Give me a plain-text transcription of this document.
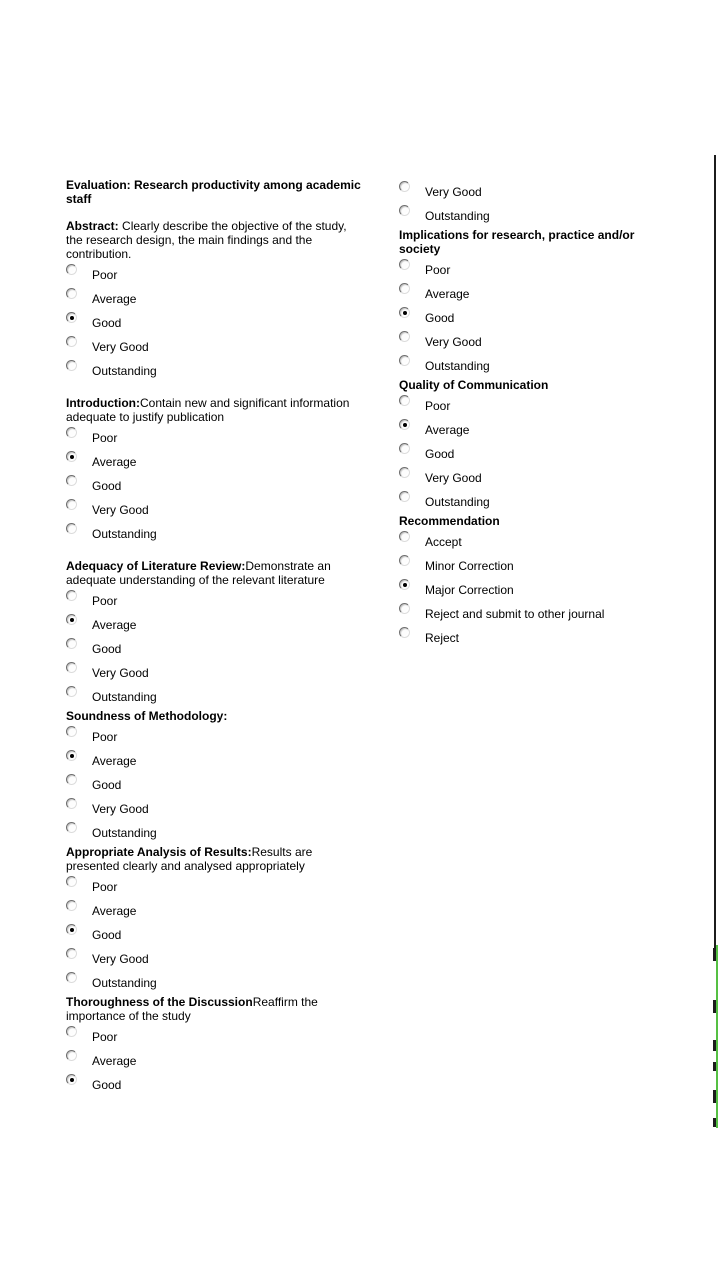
Evaluation: Research productivity among academic staff
Abstract: Clearly describe the objective of the study, the research design, the main findings and the contribution.
Poor
Average
Good
Very Good
Outstanding
Introduction:Contain new and significant information adequate to justify publication
Poor
Average
Good
Very Good
Outstanding
Adequacy of Literature Review:Demonstrate an adequate understanding of the relevant literature
Poor
Average
Good
Very Good
Outstanding
Soundness of Methodology:
Poor
Average
Good
Very Good
Outstanding
Appropriate Analysis of Results:Results are presented clearly and analysed appropriately
Poor
Average
Good
Very Good
Outstanding
Thoroughness of the DiscussionReaffirm the importance of the study
Poor
Average
Good
Very Good
Outstanding
Implications for research, practice and/or society
Poor
Average
Good
Very Good
Outstanding
Quality of Communication
Poor
Average
Good
Very Good
Outstanding
Recommendation
Accept
Minor Correction
Major Correction
Reject and submit to other journal
Reject
